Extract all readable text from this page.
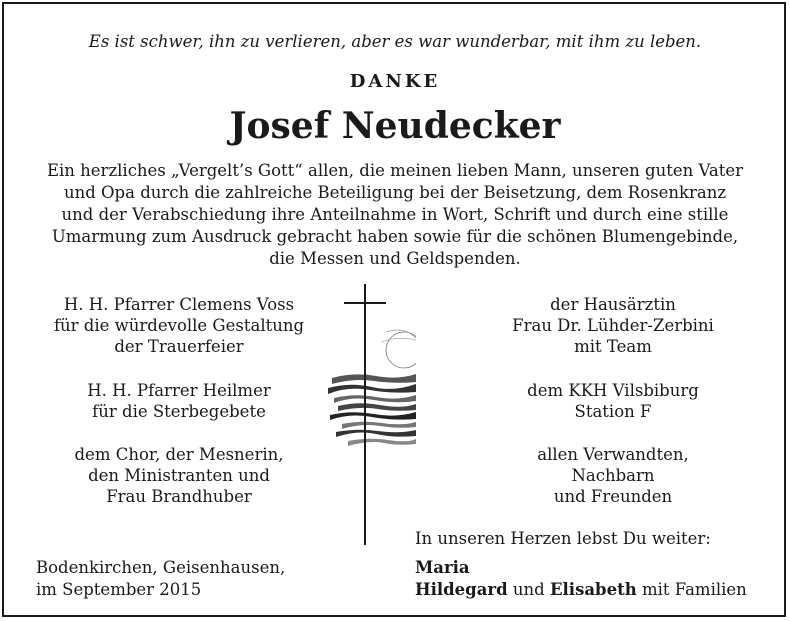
Es ist schwer, ihn zu verlieren, aber es war wunderbar, mit ihm zu leben.
DANKE
Josef Neudecker
Ein herzliches „Vergelt’s Gott“ allen, die meinen lieben Mann, unseren guten Vater
und Opa durch die zahlreiche Beteiligung bei der Beisetzung, dem Rosenkranz
und der Verabschiedung ihre Anteilnahme in Wort, Schrift und durch eine stille
Umarmung zum Ausdruck gebracht haben sowie für die schönen Blumengebinde,
die Messen und Geldspenden.
H. H. Pfarrer Clemens Voss
für die würdevolle Gestaltung
der Trauerfeier
H. H. Pfarrer Heilmer
für die Sterbegebete
dem Chor, der Mesnerin,
den Ministranten und
Frau Brandhuber
der Hausärztin
Frau Dr. Lühder-Zerbini
mit Team
dem KKH Vilsbiburg
Station F
allen Verwandten,
Nachbarn
und Freunden
In unseren Herzen lebst Du weiter:
Bodenkirchen, Geisenhausen,
im September 2015
Maria
Hildegard und Elisabeth mit Familien
